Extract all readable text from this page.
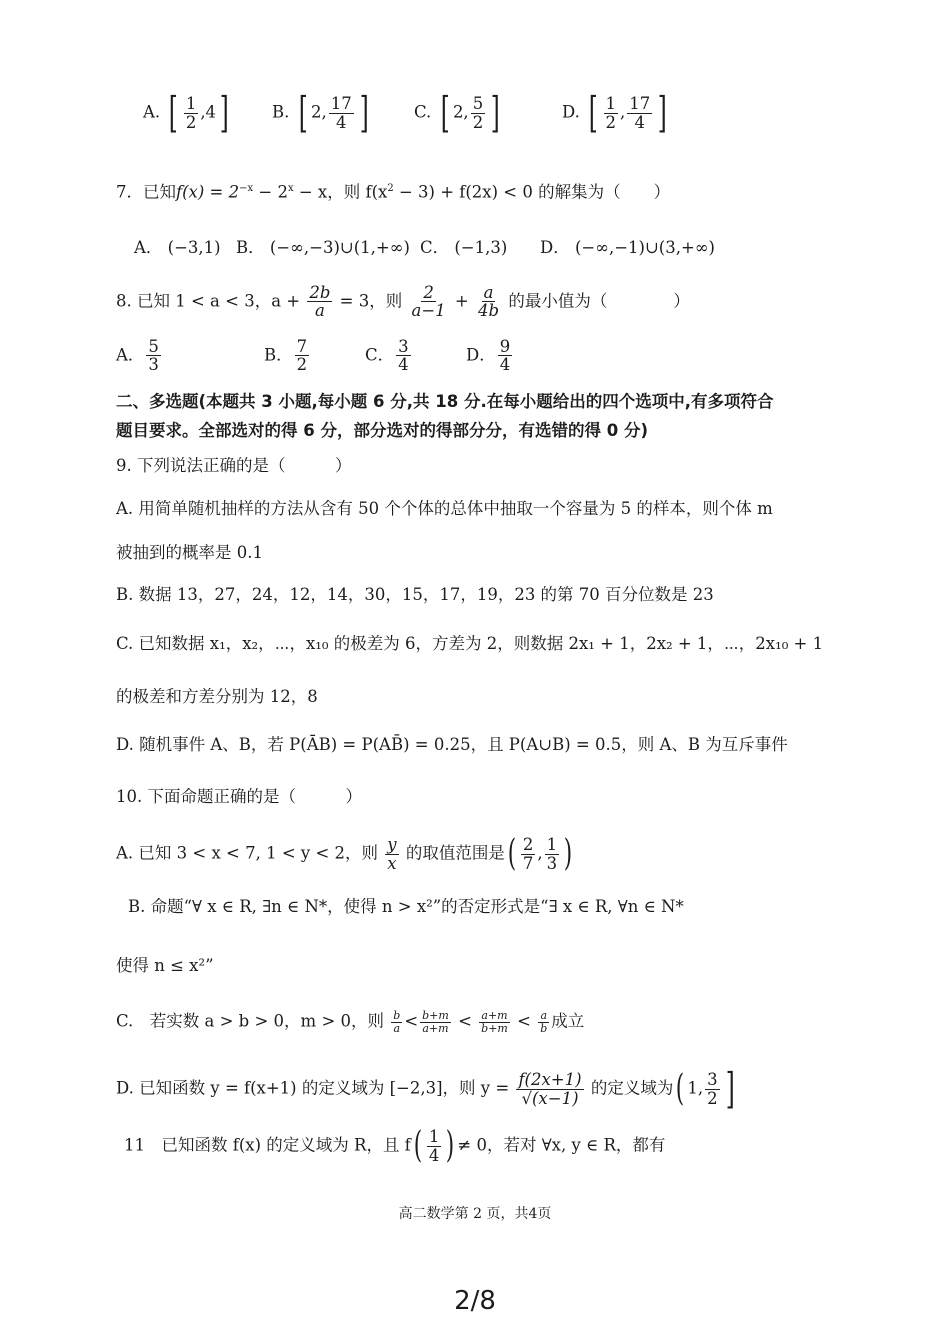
A. [ $\frac{1}{2} ,4$]	B. [ 2, $\frac{17}{4}$ ]	C. [ 2, $\frac{5}{2}$ ]	D. [ $\frac{1}{2}$ , $\frac{17}{4}$ ]
7．已知$f(x) = 2^{-x} - 2^x - x$，则 $f(x^2 - 3) + f(2x) < 0$ 的解集为（　　）
A． (−3,1) B． (−∞,−3)∪(1,+∞) C． (−1,3) D． (−∞,−1)∪(3,+∞)
8. 已知 1 < a < 3，$a + \frac{2b}{a} = 3$，则 $\frac{2}{a-1} + \frac{a}{4b}$ 的最小值为（　　　　）
A． $\frac{5}{3}$	B． $\frac{7}{2}$	C． $\frac{3}{4}$	D． $\frac{9}{4}$
二、多选题(本题共 3 小题,每小题 6 分,共 18 分.在每小题给出的四个选项中,有多项符合
题目要求。全部选对的得 6 分，部分选对的得部分分，有选错的得 0 分)
9. 下列说法正确的是（　　　）
A. 用简单随机抽样的方法从含有 50 个个体的总体中抽取一个容量为 5 的样本，则个体 m
被抽到的概率是 0.1
B. 数据 13，27，24，12，14，30，15，17，19，23 的第 70 百分位数是 23
C. 已知数据 x₁，x₂，⋯，x₁₀ 的极差为 6，方差为 2，则数据 2x₁ + 1，2x₂ + 1，⋯，2x₁₀ + 1
的极差和方差分别为 12，8
D. 随机事件 A、B，若 P(ĀB) = P(AB̄) = 0.25，且 P(A∪B) = 0.5，则 A、B 为互斥事件
10. 下面命题正确的是（　　　）
A. 已知 3 < x < 7, 1 < y < 2，则 $\frac{y}{x}$ 的取值范围是( $\frac{2}{7}$ , $\frac{1}{3}$ )
B. 命题“∀ x ∈ R, ∃n ∈ N*，使得 n > x²”的否定形式是“∃ x ∈ R, ∀n ∈ N*
使得 n ≤ x²”
C.　若实数 a > b > 0，m > 0，则 $\frac{b}{a} < \frac{b+m}{a+m} < \frac{a+m}{b+m} < \frac{a}{b}$ 成立
D. 已知函数 y = f(x+1) 的定义域为 [−2,3]，则 $y = \frac{f(2x+1)}{√(x-1)}$ 的定义域为( 1, $\frac{3}{2}$ ]
11　已知函数 f(x) 的定义域为 R，且 $f( \frac{1}{4}$ ) ≠ 0，若对 ∀x, y ∈ R，都有
高二数学第 2 页，共4页
2/8
